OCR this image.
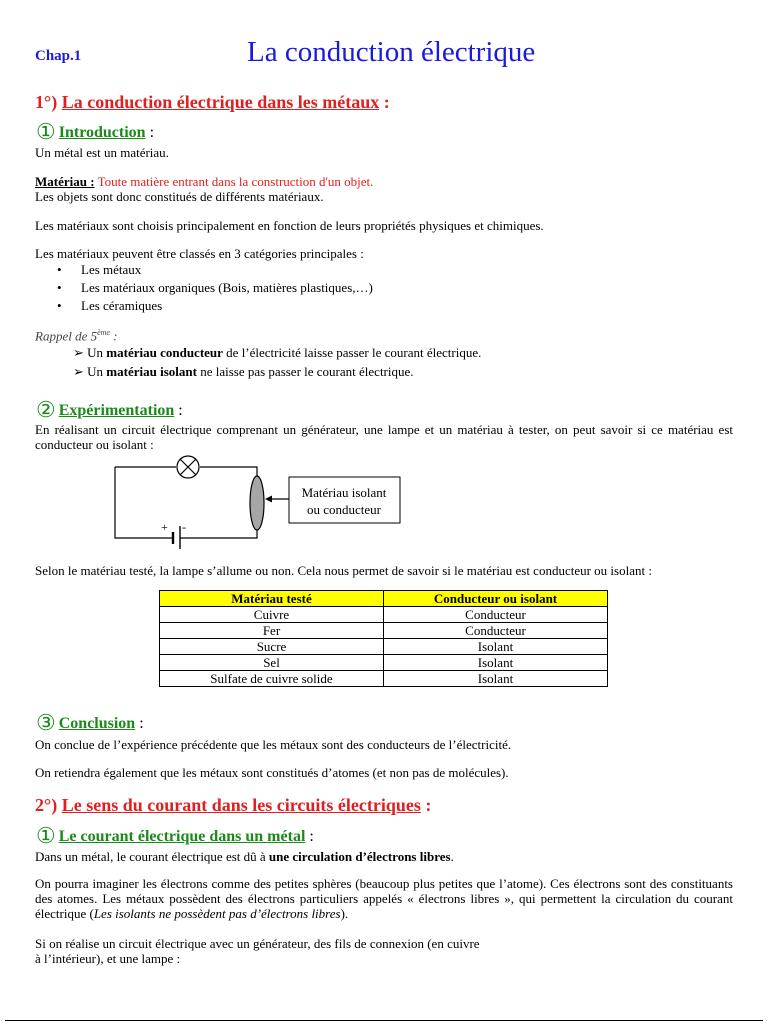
Chap.1	La conduction électrique
1°) La conduction électrique dans les métaux :
① Introduction :
Un métal est un matériau.
Matériau : Toute matière entrant dans la construction d'un objet.
Les objets sont donc constitués de différents matériaux.
Les matériaux sont choisis principalement en fonction de leurs propriétés physiques et chimiques.
Les matériaux peuvent être classés en 3 catégories principales :
• Les métaux
• Les matériaux organiques (Bois, matières plastiques,…)
• Les céramiques
Rappel de 5ème :
➢ Un matériau conducteur de l’électricité laisse passer le courant électrique.
➢ Un matériau isolant ne laisse pas passer le courant électrique.
② Expérimentation :
En réalisant un circuit électrique comprenant un générateur, une lampe et un matériau à tester, on peut savoir si ce matériau est conducteur ou isolant :
+ -
Matériau isolant
ou conducteur
Selon le matériau testé, la lampe s’allume ou non. Cela nous permet de savoir si le matériau est conducteur ou isolant :
Matériau testé	Conducteur ou isolant
Cuivre	Conducteur
Fer	Conducteur
Sucre	Isolant
Sel	Isolant
Sulfate de cuivre solide	Isolant
③ Conclusion :
On conclue de l’expérience précédente que les métaux sont des conducteurs de l’électricité.
On retiendra également que les métaux sont constitués d’atomes (et non pas de molécules).
2°) Le sens du courant dans les circuits électriques :
① Le courant électrique dans un métal :
Dans un métal, le courant électrique est dû à une circulation d’électrons libres.
On pourra imaginer les électrons comme des petites sphères (beaucoup plus petites que l’atome). Ces électrons sont des constituants des atomes. Les métaux possèdent des électrons particuliers appelés « électrons libres », qui permettent la circulation du courant électrique (Les isolants ne possèdent pas d’électrons libres).
Si on réalise un circuit électrique avec un générateur, des fils de connexion (en cuivre
à l’intérieur), et une lampe :
